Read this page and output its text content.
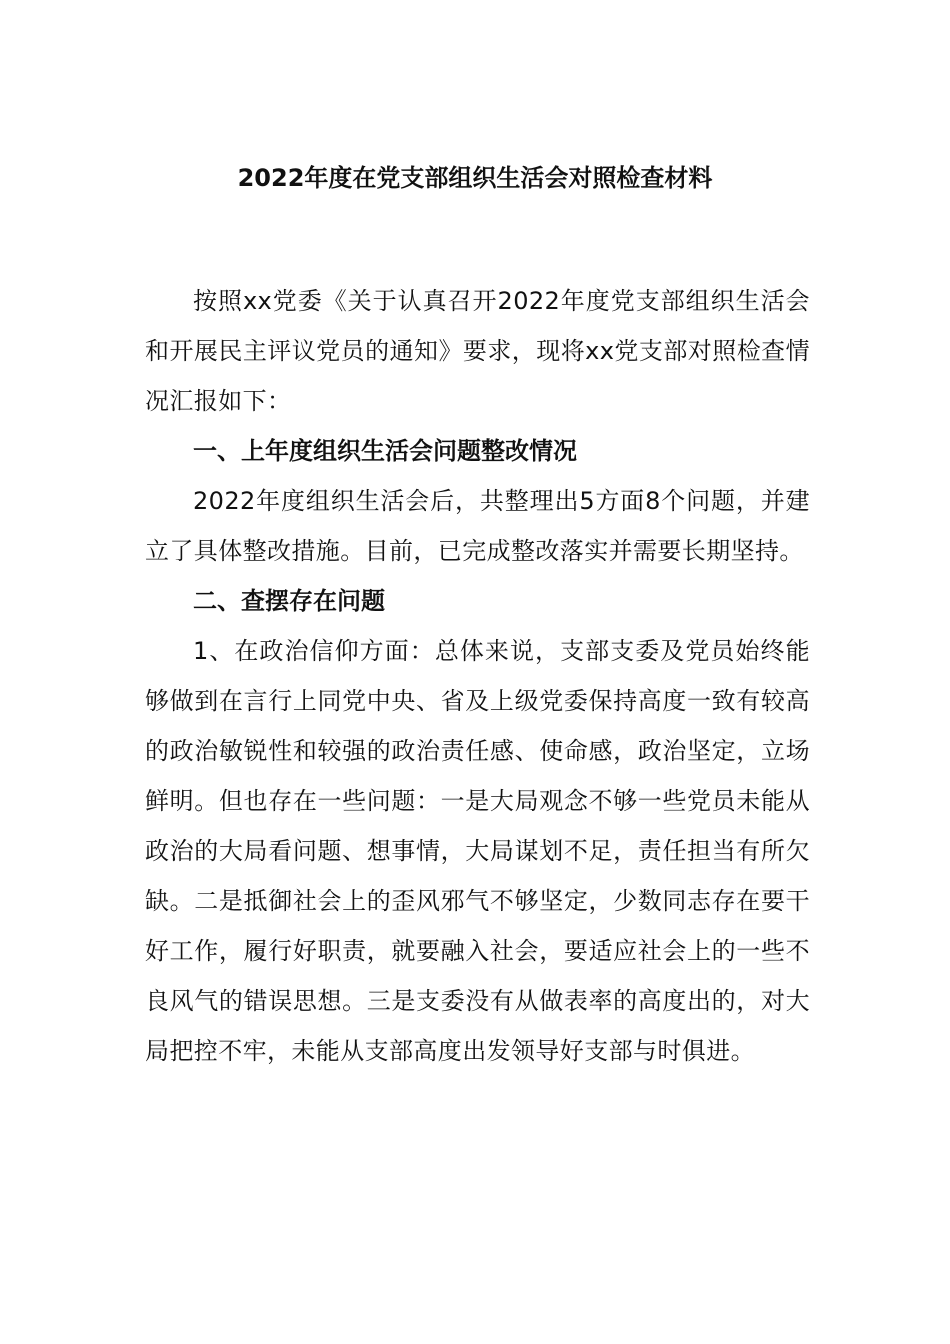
2022年度在党支部组织生活会对照检查材料

按照xx党委《关于认真召开2022年度党支部组织生活会和开展民主评议党员的通知》要求，现将xx党支部对照检查情况汇报如下：

一、上年度组织生活会问题整改情况

2022年度组织生活会后，共整理出5方面8个问题，并建立了具体整改措施。目前，已完成整改落实并需要长期坚持。

二、查摆存在问题

1、在政治信仰方面：总体来说，支部支委及党员始终能够做到在言行上同党中央、省及上级党委保持高度一致有较高的政治敏锐性和较强的政治责任感、使命感，政治坚定，立场鲜明。但也存在一些问题：一是大局观念不够一些党员未能从政治的大局看问题、想事情，大局谋划不足，责任担当有所欠缺。二是抵御社会上的歪风邪气不够坚定，少数同志存在要干好工作，履行好职责，就要融入社会，要适应社会上的一些不良风气的错误思想。三是支委没有从做表率的高度出的，对大局把控不牢，未能从支部高度出发领导好支部与时俱进。
